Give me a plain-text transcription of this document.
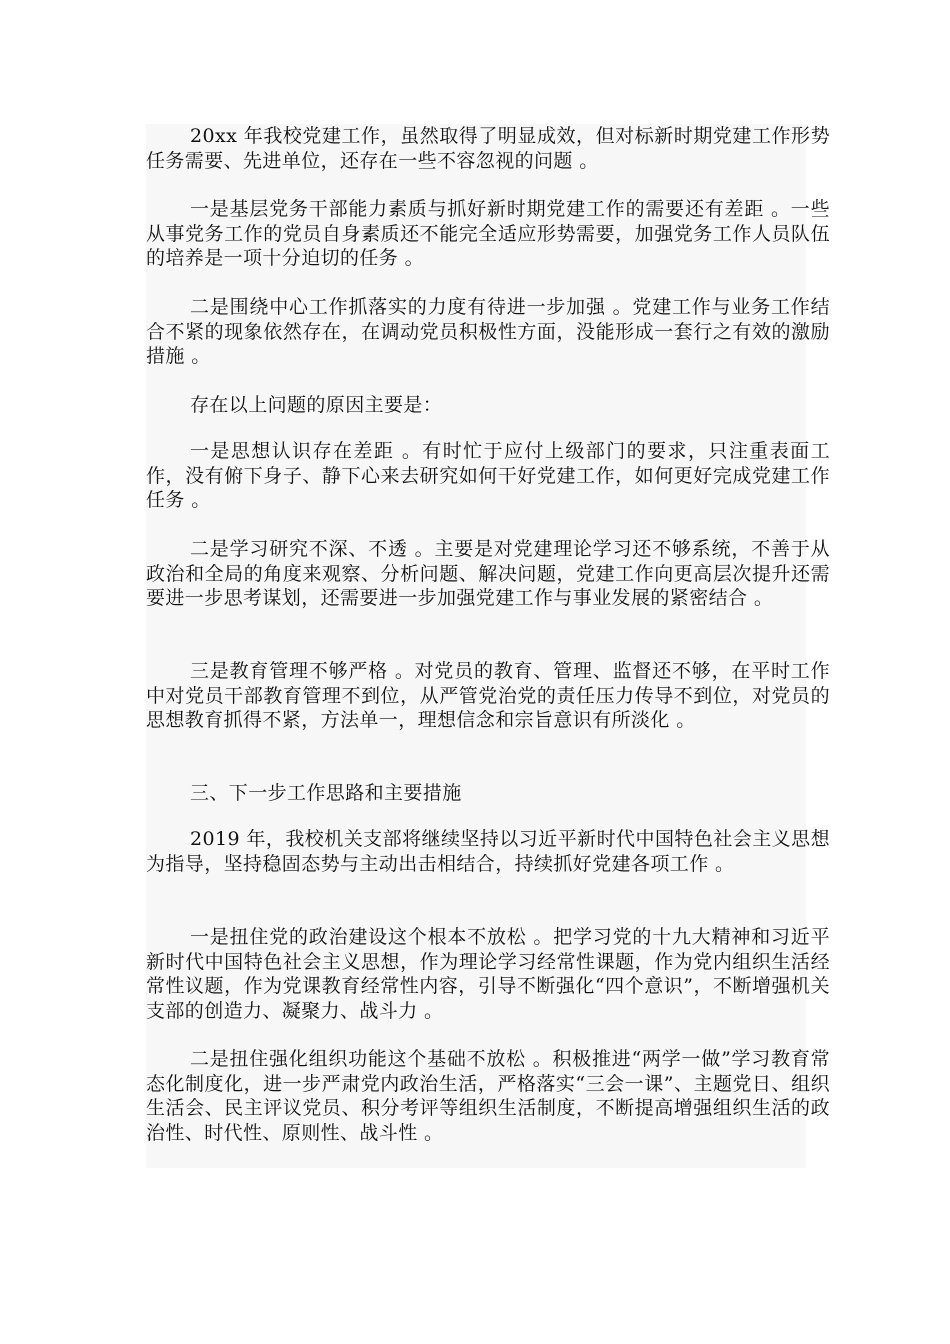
20xx 年我校党建工作，虽然取得了明显成效，但对标新时期党建工作形势任务需要、先进单位，还存在一些不容忽视的问题 。

一是基层党务干部能力素质与抓好新时期党建工作的需要还有差距 。一些从事党务工作的党员自身素质还不能完全适应形势需要，加强党务工作人员队伍的培养是一项十分迫切的任务 。

二是围绕中心工作抓落实的力度有待进一步加强 。党建工作与业务工作结合不紧的现象依然存在，在调动党员积极性方面，没能形成一套行之有效的激励措施 。

存在以上问题的原因主要是：

一是思想认识存在差距 。有时忙于应付上级部门的要求，只注重表面工作，没有俯下身子、静下心来去研究如何干好党建工作，如何更好完成党建工作任务 。

二是学习研究不深、不透 。主要是对党建理论学习还不够系统，不善于从政治和全局的角度来观察、分析问题、解决问题，党建工作向更高层次提升还需要进一步思考谋划，还需要进一步加强党建工作与事业发展的紧密结合 。

三是教育管理不够严格 。对党员的教育、管理、监督还不够，在平时工作中对党员干部教育管理不到位，从严管党治党的责任压力传导不到位，对党员的思想教育抓得不紧，方法单一，理想信念和宗旨意识有所淡化 。

三、下一步工作思路和主要措施

2019 年，我校机关支部将继续坚持以习近平新时代中国特色社会主义思想为指导，坚持稳固态势与主动出击相结合，持续抓好党建各项工作 。

一是扭住党的政治建设这个根本不放松 。把学习党的十九大精神和习近平新时代中国特色社会主义思想，作为理论学习经常性课题，作为党内组织生活经常性议题，作为党课教育经常性内容，引导不断强化“四个意识”，不断增强机关支部的创造力、凝聚力、战斗力 。

二是扭住强化组织功能这个基础不放松 。积极推进“两学一做”学习教育常态化制度化，进一步严肃党内政治生活，严格落实“三会一课”、主题党日、组织生活会、民主评议党员、积分考评等组织生活制度，不断提高增强组织生活的政治性、时代性、原则性、战斗性 。
